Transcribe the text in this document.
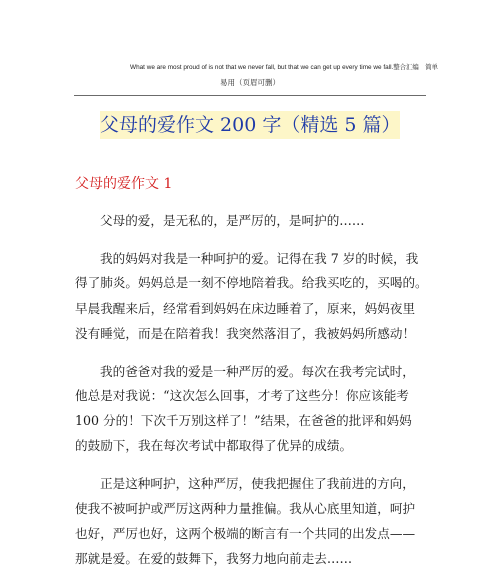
What we are most proud of is not that we never fall, but that we can get up every time we fall.整合汇编　简单
易用（页眉可删）
父母的爱作文 200 字（精选 5 篇）
父母的爱作文 1
父母的爱，是无私的，是严厉的，是呵护的……
我的妈妈对我是一种呵护的爱。记得在我 7 岁的时候，我
得了肺炎。妈妈总是一刻不停地陪着我。给我买吃的，买喝的。
早晨我醒来后，经常看到妈妈在床边睡着了，原来，妈妈夜里
没有睡觉，而是在陪着我！我突然落泪了，我被妈妈所感动！
我的爸爸对我的爱是一种严厉的爱。每次在我考完试时，
他总是对我说：“这次怎么回事，才考了这些分！你应该能考
100 分的！下次千万别这样了！”结果，在爸爸的批评和妈妈
的鼓励下，我在每次考试中都取得了优异的成绩。
正是这种呵护，这种严厉，使我把握住了我前进的方向，
使我不被呵护或严厉这两种力量推偏。我从心底里知道，呵护
也好，严厉也好，这两个极端的断言有一个共同的出发点——
那就是爱。在爱的鼓舞下，我努力地向前走去……
